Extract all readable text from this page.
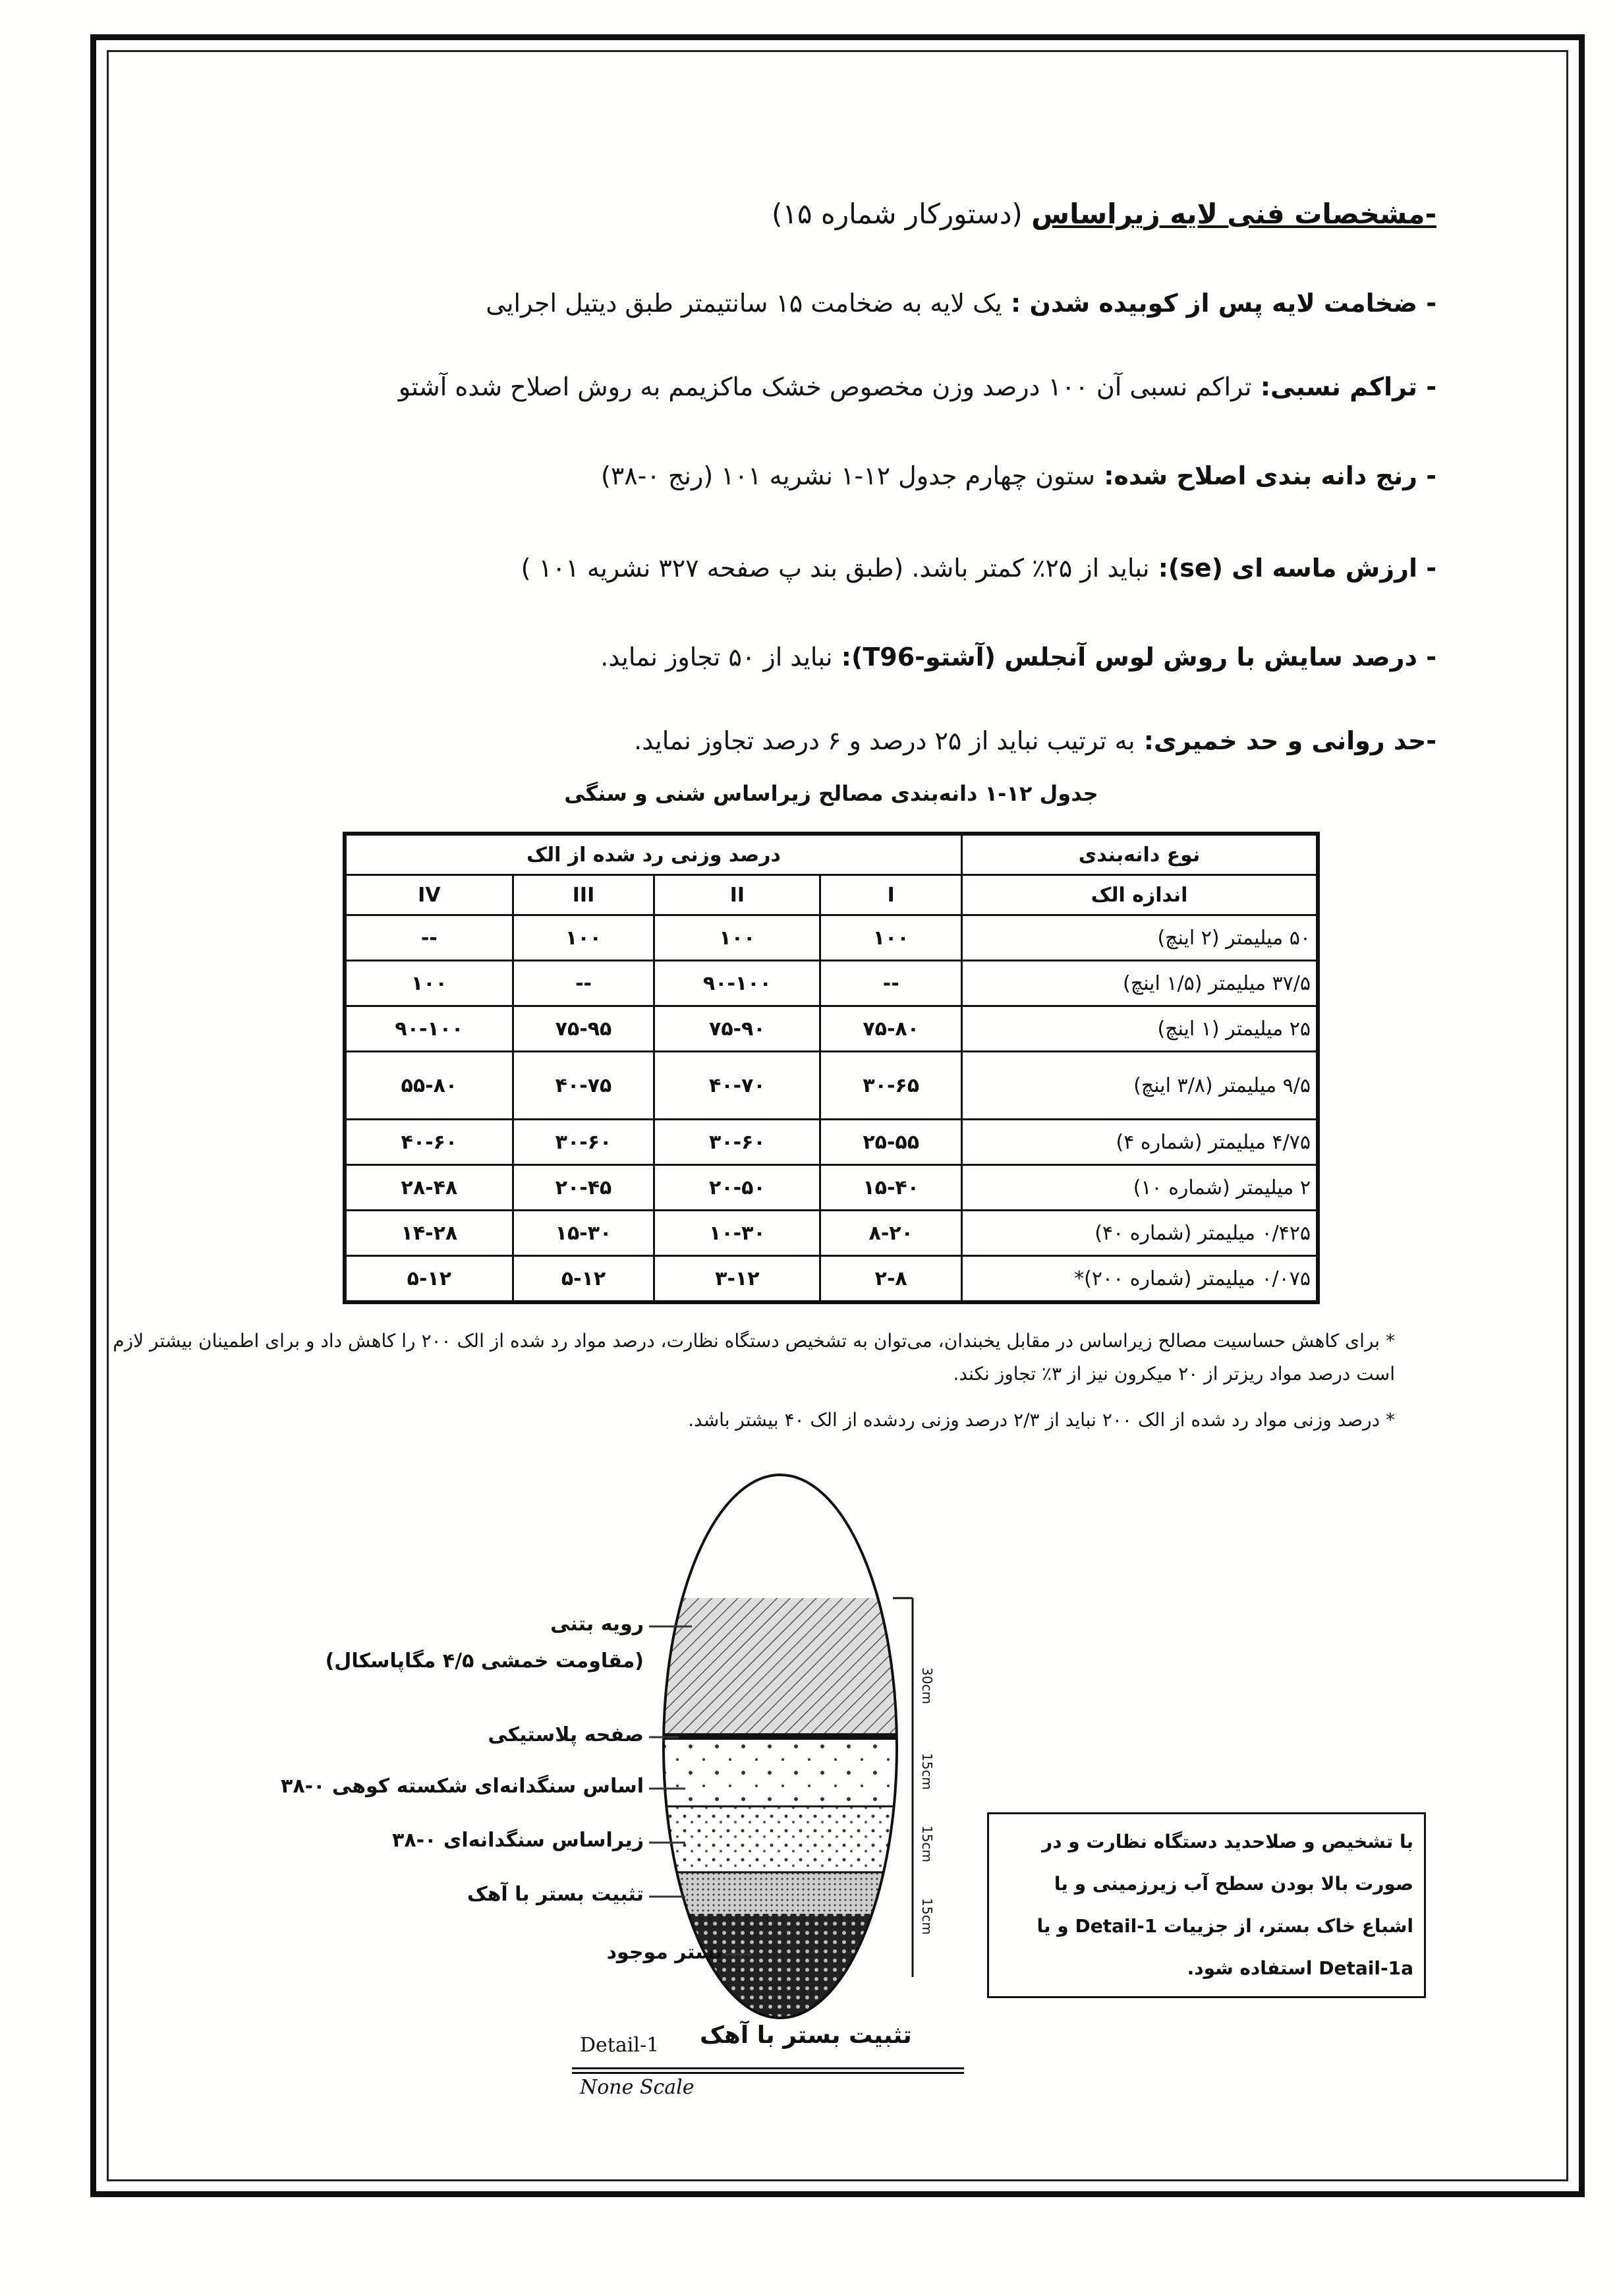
-مشخصات فنی لایه زیراساس (دستورکار شماره ۱۵)
- ضخامت لایه پس از کوبیده شدن : یک لایه به ضخامت ۱۵ سانتیمتر طبق دیتیل اجرایی
- تراکم نسبی: تراکم نسبی آن ۱۰۰ درصد وزن مخصوص خشک ماکزیمم به روش اصلاح شده آشتو
- رنج دانه بندی اصلاح شده: ستون چهارم جدول ۱۲-۱ نشریه ۱۰۱ (رنج ۰-۳۸)
- ارزش ماسه ای (se): نباید از ۲۵٪ کمتر باشد. (طبق بند پ صفحه ۳۲۷ نشریه ۱۰۱ )
- درصد سایش با روش لوس آنجلس (آشتو-T96): نباید از ۵۰ تجاوز نماید.
-حد روانی و حد خمیری: به ترتیب نباید از ۲۵ درصد و ۶ درصد تجاوز نماید.
جدول ۱۲-۱ دانه‌بندی مصالح زیراساس شنی و سنگی
نوع دانه‌بندی	درصد وزنی رد شده از الک			
اندازه الک	I	II	III	IV
۵۰ میلیمتر (۲ اینچ)	۱۰۰	۱۰۰	۱۰۰	--
۳۷/۵ میلیمتر (۱/۵ اینچ)	--	۹۰-۱۰۰	--	۱۰۰
۲۵ میلیمتر (۱ اینچ)	۷۵-۸۰	۷۵-۹۰	۷۵-۹۵	۹۰-۱۰۰
۹/۵ میلیمتر (۳/۸ اینچ)	۳۰-۶۵	۴۰-۷۰	۴۰-۷۵	۵۵-۸۰
۴/۷۵ میلیمتر (شماره ۴)	۲۵-۵۵	۳۰-۶۰	۳۰-۶۰	۴۰-۶۰
۲ میلیمتر (شماره ۱۰)	۱۵-۴۰	۲۰-۵۰	۲۰-۴۵	۲۸-۴۸
۰/۴۲۵ میلیمتر (شماره ۴۰)	۸-۲۰	۱۰-۳۰	۱۵-۳۰	۱۴-۲۸
۰/۰۷۵ میلیمتر (شماره ۲۰۰)*	۲-۸	۳-۱۲	۵-۱۲	۵-۱۲
* برای کاهش حساسیت مصالح زیراساس در مقابل یخبندان، می‌توان به تشخیص دستگاه نظارت، درصد مواد رد شده از الک ۲۰۰ را کاهش داد و برای اطمینان بیشتر لازم است درصد مواد ریزتر از ۲۰ میکرون نیز از ۳٪ تجاوز نکند.
* درصد وزنی مواد رد شده از الک ۲۰۰ نباید از ۲/۳ درصد وزنی ردشده از الک ۴۰ بیشتر باشد.
30cm
15cm
15cm
15cm
رویه بتنی
(مقاومت خمشی ۴/۵ مگاپاسکال)
صفحه پلاستیکی
اساس سنگدانه‌ای شکسته کوهی ۰-۳۸
زیراساس سنگدانه‌ای ۰-۳۸
تثبیت بستر با آهک
بستر موجود
با تشخیص و صلاحدید دستگاه نظارت و در صورت بالا بودن سطح آب زیرزمینی و یا اشباع خاک بستر، از جزییات Detail-1 و یا Detail-1a استفاده شود.
تثبیت بستر با آهک
Detail-1
None Scale
